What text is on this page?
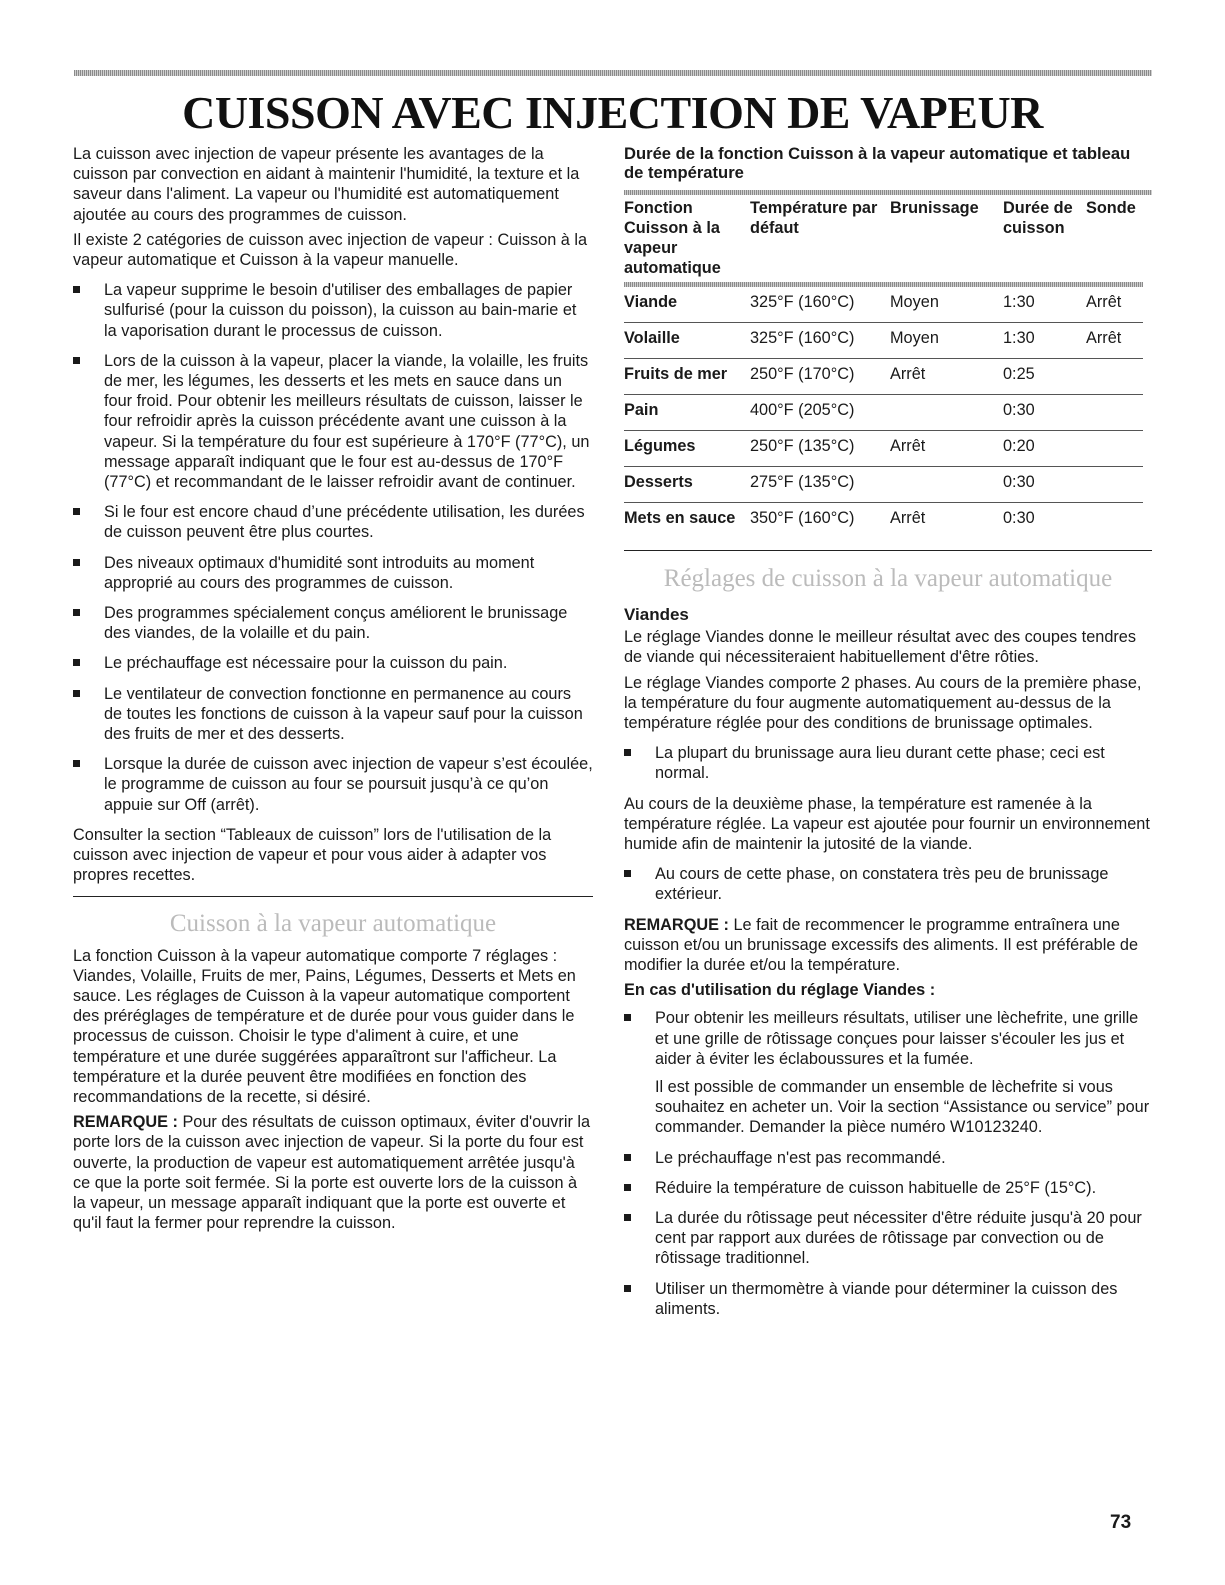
CUISSON AVEC INJECTION DE VAPEUR

La cuisson avec injection de vapeur présente les avantages de la cuisson par convection en aidant à maintenir l'humidité, la texture et la saveur dans l'aliment. La vapeur ou l'humidité est automatiquement ajoutée au cours des programmes de cuisson.

Il existe 2 catégories de cuisson avec injection de vapeur : Cuisson à la vapeur automatique et Cuisson à la vapeur manuelle.

La vapeur supprime le besoin d'utiliser des emballages de papier sulfurisé (pour la cuisson du poisson), la cuisson au bain-marie et la vaporisation durant le processus de cuisson.
Lors de la cuisson à la vapeur, placer la viande, la volaille, les fruits de mer, les légumes, les desserts et les mets en sauce dans un four froid. Pour obtenir les meilleurs résultats de cuisson, laisser le four refroidir après la cuisson précédente avant une cuisson à la vapeur. Si la température du four est supérieure à 170°F (77°C), un message apparaît indiquant que le four est au-dessus de 170°F (77°C) et recommandant de le laisser refroidir avant de continuer.
Si le four est encore chaud d’une précédente utilisation, les durées de cuisson peuvent être plus courtes.
Des niveaux optimaux d'humidité sont introduits au moment approprié au cours des programmes de cuisson.
Des programmes spécialement conçus améliorent le brunissage des viandes, de la volaille et du pain.
Le préchauffage est nécessaire pour la cuisson du pain.
Le ventilateur de convection fonctionne en permanence au cours de toutes les fonctions de cuisson à la vapeur sauf pour la cuisson des fruits de mer et des desserts.
Lorsque la durée de cuisson avec injection de vapeur s’est écoulée, le programme de cuisson au four se poursuit jusqu’à ce qu’on appuie sur Off (arrêt).

Consulter la section “Tableaux de cuisson” lors de l'utilisation de la cuisson avec injection de vapeur et pour vous aider à adapter vos propres recettes.

Cuisson à la vapeur automatique

La fonction Cuisson à la vapeur automatique comporte 7 réglages : Viandes, Volaille, Fruits de mer, Pains, Légumes, Desserts et Mets en sauce. Les réglages de Cuisson à la vapeur automatique comportent des préréglages de température et de durée pour vous guider dans le processus de cuisson. Choisir le type d'aliment à cuire, et une température et une durée suggérées apparaîtront sur l'afficheur. La température et la durée peuvent être modifiées en fonction des recommandations de la recette, si désiré.

REMARQUE : Pour des résultats de cuisson optimaux, éviter d'ouvrir la porte lors de la cuisson avec injection de vapeur. Si la porte du four est ouverte, la production de vapeur est automatiquement arrêtée jusqu'à ce que la porte soit fermée. Si la porte est ouverte lors de la cuisson à la vapeur, un message apparaît indiquant que la porte est ouverte et qu'il faut la fermer pour reprendre la cuisson.

Durée de la fonction Cuisson à la vapeur automatique et tableau de température
Fonction Cuisson à la vapeur automatique	Température par défaut	Brunissage	Durée de cuisson	Sonde

Viande	325°F (160°C)	Moyen	1:30	Arrêt
Volaille	325°F (160°C)	Moyen	1:30	Arrêt
Fruits de mer	250°F (170°C)	Arrêt	0:25	
Pain	400°F (205°C)		0:30	
Légumes	250°F (135°C)	Arrêt	0:20	
Desserts	275°F (135°C)		0:30	
Mets en sauce	350°F (160°C)	Arrêt	0:30	
Réglages de cuisson à la vapeur automatique
Viandes

Le réglage Viandes donne le meilleur résultat avec des coupes tendres de viande qui nécessiteraient habituellement d'être rôties.

Le réglage Viandes comporte 2 phases. Au cours de la première phase, la température du four augmente automatiquement au-dessus de la température réglée pour des conditions de brunissage optimales.

La plupart du brunissage aura lieu durant cette phase; ceci est normal.

Au cours de la deuxième phase, la température est ramenée à la température réglée. La vapeur est ajoutée pour fournir un environnement humide afin de maintenir la jutosité de la viande.

Au cours de cette phase, on constatera très peu de brunissage extérieur.

REMARQUE : Le fait de recommencer le programme entraînera une cuisson et/ou un brunissage excessifs des aliments. Il est préférable de modifier la durée et/ou la température.

En cas d'utilisation du réglage Viandes :

Pour obtenir les meilleurs résultats, utiliser une lèchefrite, une grille et une grille de rôtissage conçues pour laisser s'écouler les jus et aider à éviter les éclaboussures et la fumée.
Il est possible de commander un ensemble de lèchefrite si vous souhaitez en acheter un. Voir la section “Assistance ou service” pour commander. Demander la pièce numéro W10123240.
Le préchauffage n'est pas recommandé.
Réduire la température de cuisson habituelle de 25°F (15°C).
La durée du rôtissage peut nécessiter d'être réduite jusqu'à 20 pour cent par rapport aux durées de rôtissage par convection ou de rôtissage traditionnel.
Utiliser un thermomètre à viande pour déterminer la cuisson des aliments.
73
